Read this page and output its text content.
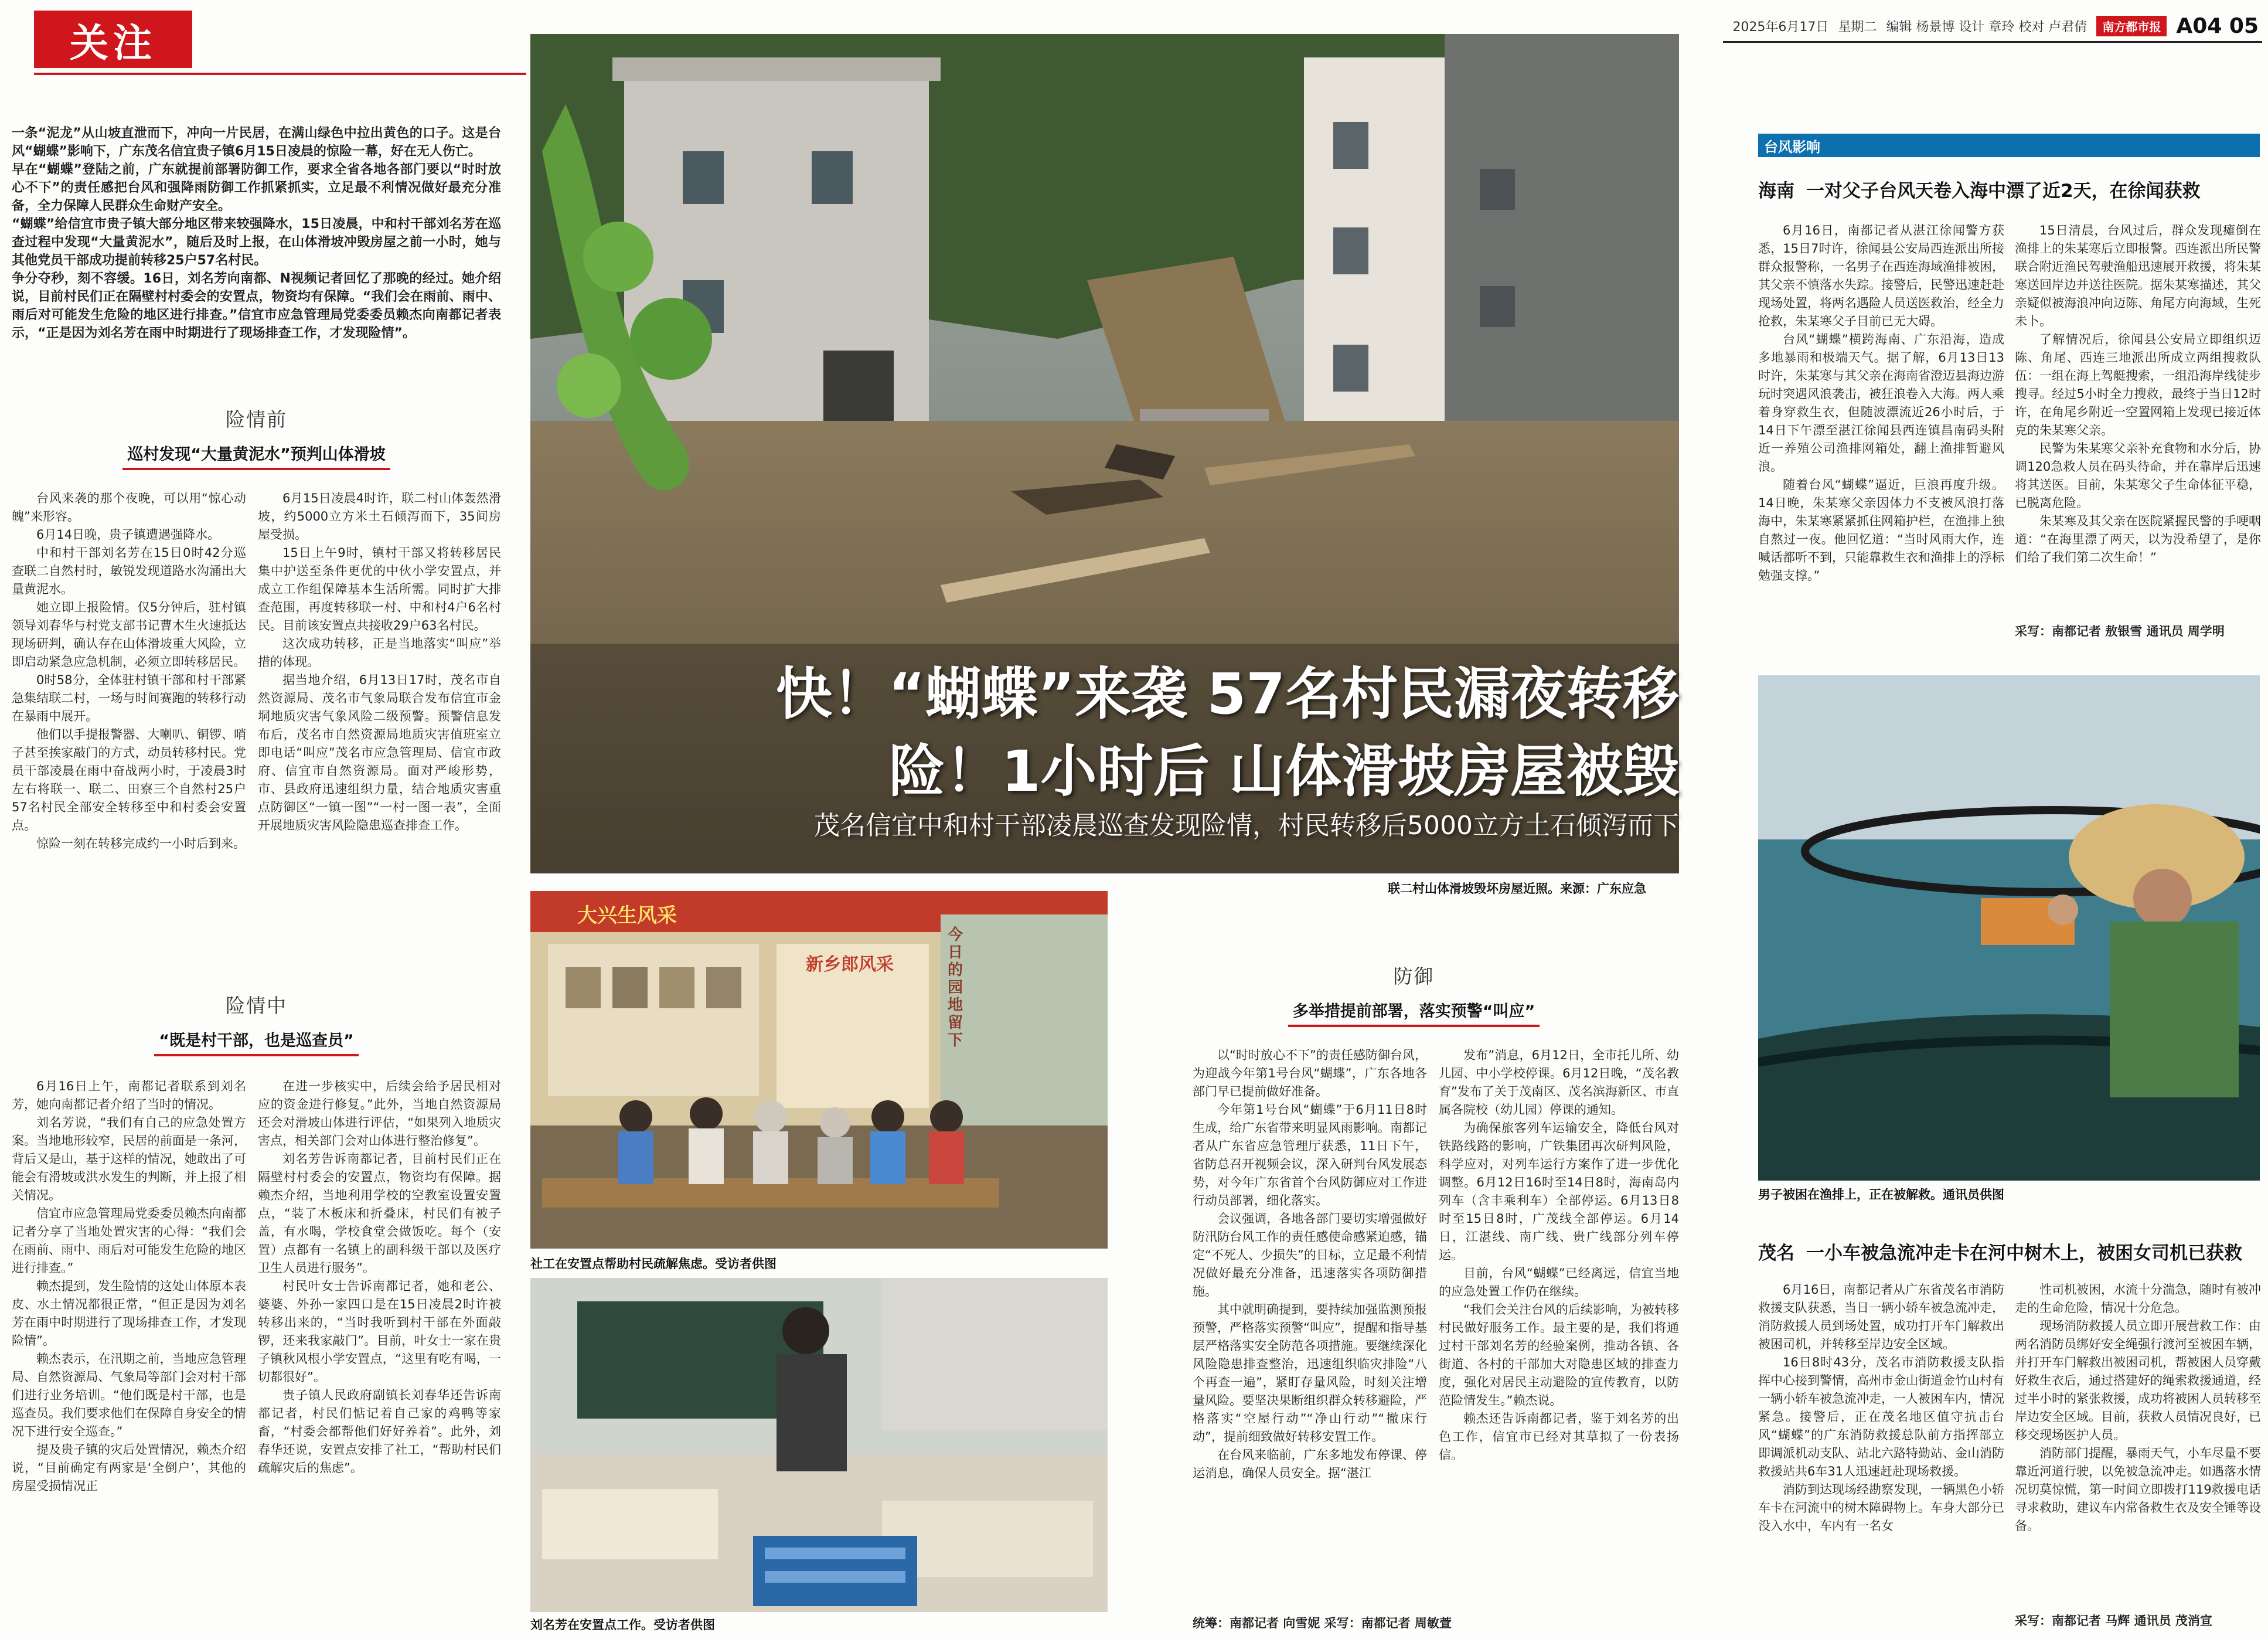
关注	2025年6月17日 星期二 编辑 杨景博 设计 章玲 校对 卢君倩	南方都市报 A04 05

一条“泥龙”从山坡直泄而下，冲向一片民居，在满山绿色中拉出黄色的口子。这是台风“蝴蝶”影响下，广东茂名信宜贵子镇6月15日凌晨的惊险一幕，好在无人伤亡。

早在“蝴蝶”登陆之前，广东就提前部署防御工作，要求全省各地各部门要以“时时放心不下”的责任感把台风和强降雨防御工作抓紧抓实，立足最不利情况做好最充分准备，全力保障人民群众生命财产安全。

“蝴蝶”给信宜市贵子镇大部分地区带来较强降水，15日凌晨，中和村干部刘名芳在巡查过程中发现“大量黄泥水”，随后及时上报，在山体滑坡冲毁房屋之前一小时，她与其他党员干部成功提前转移25户57名村民。

争分夺秒，刻不容缓。16日，刘名芳向南都、N视频记者回忆了那晚的经过。她介绍说，目前村民们正在隔壁村村委会的安置点，物资均有保障。“我们会在雨前、雨中、雨后对可能发生危险的地区进行排查。”信宜市应急管理局党委委员赖杰向南都记者表示，“正是因为刘名芳在雨中时期进行了现场排查工作，才发现险情”。

险情前
巡村发现“大量黄泥水”预判山体滑坡

台风来袭的那个夜晚，可以用“惊心动魄”来形容。

6月14日晚，贵子镇遭遇强降水。

中和村干部刘名芳在15日0时42分巡查联二自然村时，敏锐发现道路水沟涌出大量黄泥水。

她立即上报险情。仅5分钟后，驻村镇领导刘春华与村党支部书记曹木生火速抵达现场研判，确认存在山体滑坡重大风险，立即启动紧急应急机制，必须立即转移居民。

0时58分，全体驻村镇干部和村干部紧急集结联二村，一场与时间赛跑的转移行动在暴雨中展开。

他们以手提报警器、大喇叭、铜锣、哨子甚至挨家敲门的方式，动员转移村民。党员干部凌晨在雨中奋战两小时，于凌晨3时左右将联一、联二、田寮三个自然村25户57名村民全部安全转移至中和村委会安置点。

惊险一刻在转移完成约一小时后到来。

6月15日凌晨4时许，联二村山体轰然滑坡，约5000立方米土石倾泻而下，35间房屋受损。

15日上午9时，镇村干部又将转移居民集中护送至条件更优的中伙小学安置点，并成立工作组保障基本生活所需。同时扩大排查范围，再度转移联一村、中和村4户6名村民。目前该安置点共接收29户63名村民。

这次成功转移，正是当地落实“叫应”举措的体现。

据当地介绍，6月13日17时，茂名市自然资源局、茂名市气象局联合发布信宜市金垌地质灾害气象风险二级预警。预警信息发布后，茂名市自然资源局地质灾害值班室立即电话“叫应”茂名市应急管理局、信宜市政府、信宜市自然资源局。面对严峻形势，市、县政府迅速组织力量，结合地质灾害重点防御区“一镇一图”“一村一图一表”，全面开展地质灾害风险隐患巡查排查工作。

险情中
“既是村干部，也是巡查员”

6月16日上午，南都记者联系到刘名芳，她向南都记者介绍了当时的情况。

刘名芳说，“我们有自己的应急处置方案。当地地形较窄，民居的前面是一条河，背后又是山，基于这样的情况，她敢出了可能会有滑坡或洪水发生的判断，并上报了相关情况。

信宜市应急管理局党委委员赖杰向南都记者分享了当地处置灾害的心得：“我们会在雨前、雨中、雨后对可能发生危险的地区进行排查。”

赖杰提到，发生险情的这处山体原本表皮、水土情况都很正常，“但正是因为刘名芳在雨中时期进行了现场排查工作，才发现险情”。

赖杰表示，在汛期之前，当地应急管理局、自然资源局、气象局等部门会对村干部们进行业务培训。“他们既是村干部，也是巡查员。我们要求他们在保障自身安全的情况下进行安全巡查。”

提及贵子镇的灾后处置情况，赖杰介绍说，“目前确定有两家是‘全倒户’，其他的房屋受损情况正

在进一步核实中，后续会给予居民相对应的资金进行修复。”此外，当地自然资源局还会对滑坡山体进行评估，“如果列入地质灾害点，相关部门会对山体进行整治修复”。

刘名芳告诉南都记者，目前村民们正在隔壁村村委会的安置点，物资均有保障。据赖杰介绍，当地利用学校的空教室设置安置点，“装了木板床和折叠床，村民们有被子盖，有水喝，学校食堂会做饭吃。每个（安置）点都有一名镇上的副科级干部以及医疗卫生人员进行服务”。

村民叶女士告诉南都记者，她和老公、婆婆、外孙一家四口是在15日凌晨2时许被转移出来的，“当时我听到村干部在外面敲锣，还来我家敲门”。目前，叶女士一家在贵子镇秋风根小学安置点，“这里有吃有喝，一切都很好”。

贵子镇人民政府副镇长刘春华还告诉南都记者，村民们惦记着自己家的鸡鸭等家畜，“村委会都帮他们好好养着”。此外，刘春华还说，安置点安排了社工，“帮助村民们疏解灾后的焦虑”。

快！“蝴蝶”来袭 57名村民漏夜转移
险！1小时后 山体滑坡房屋被毁
茂名信宜中和村干部凌晨巡查发现险情，村民转移后5000立方土石倾泻而下
联二村山体滑坡毁坏房屋近照。来源：广东应急
大兴生风采
新乡郎风采
今日的园地留下
社工在安置点帮助村民疏解焦虑。受访者供图
刘名芳在安置点工作。受访者供图
防御
多举措提前部署，落实预警“叫应”

以“时时放心不下”的责任感防御台风，为迎战今年第1号台风“蝴蝶”，广东各地各部门早已提前做好准备。

今年第1号台风“蝴蝶”于6月11日8时生成，给广东省带来明显风雨影响。南都记者从广东省应急管理厅获悉，11日下午，省防总召开视频会议，深入研判台风发展态势，对今年广东省首个台风防御应对工作进行动员部署，细化落实。

会议强调，各地各部门要切实增强做好防汛防台风工作的责任感使命感紧迫感，锚定“不死人、少损失”的目标，立足最不利情况做好最充分准备，迅速落实各项防御措施。

其中就明确提到，要持续加强监测预报预警，严格落实预警“叫应”，提醒和指导基层严格落实安全防范各项措施。要继续深化风险隐患排查整治，迅速组织临灾排险“八个再查一遍”，紧盯存量风险，时刻关注增量风险。要坚决果断组织群众转移避险，严格落实“空屋行动”“净山行动”“撤床行动”，提前细致做好转移安置工作。

在台风来临前，广东多地发布停课、停运消息，确保人员安全。据“湛江

发布”消息，6月12日，全市托儿所、幼儿园、中小学校停课。6月12日晚，“茂名教育”发布了关于茂南区、茂名滨海新区、市直属各院校（幼儿园）停课的通知。

为确保旅客列车运输安全，降低台风对铁路线路的影响，广铁集团再次研判风险，科学应对，对列车运行方案作了进一步优化调整。6月12日16时至14日8时，海南岛内列车（含丰乘利车）全部停运。6月13日8时至15日8时，广茂线全部停运。6月14日，江湛线、南广线、贵广线部分列车停运。

目前，台风“蝴蝶”已经离远，信宜当地的应急处置工作仍在继续。

“我们会关注台风的后续影响，为被转移村民做好服务工作。最主要的是，我们将通过村干部刘名芳的经验案例，推动各镇、各街道、各村的干部加大对隐患区域的排查力度，强化对居民主动避险的宣传教育，以防范险情发生。”赖杰说。

赖杰还告诉南都记者，鉴于刘名芳的出色工作，信宜市已经对其草拟了一份表扬信。

统筹：南都记者 向雪妮 采写：南都记者 周敏萱
台风影响
海南 一对父子台风天卷入海中漂了近2天，在徐闻获救

6月16日，南都记者从湛江徐闻警方获悉，15日7时许，徐闻县公安局西连派出所接群众报警称，一名男子在西连海域渔排被困，其父亲不慎落水失踪。接警后，民警迅速赶赴现场处置，将两名遇险人员送医救治，经全力抢救，朱某寒父子目前已无大碍。

台风“蝴蝶”横跨海南、广东沿海，造成多地暴雨和极端天气。据了解，6月13日13时许，朱某寒与其父亲在海南省澄迈县海边游玩时突遇风浪袭击，被狂浪卷入大海。两人乘着身穿救生衣，但随波漂流近26小时后，于14日下午漂至湛江徐闻县西连镇昌南码头附近一养殖公司渔排网箱处，翻上渔排暂避风浪。

随着台风“蝴蝶”逼近，巨浪再度升级。14日晚，朱某寒父亲因体力不支被风浪打落海中，朱某寒紧紧抓住网箱护栏，在渔排上独自熬过一夜。他回忆道：“当时风雨大作，连喊话都听不到，只能靠救生衣和渔排上的浮标勉强支撑。”

15日清晨，台风过后，群众发现瘫倒在渔排上的朱某寒后立即报警。西连派出所民警联合附近渔民驾驶渔船迅速展开救援，将朱某寒送回岸边并送往医院。据朱某寒描述，其父亲疑似被海浪冲向迈陈、角尾方向海域，生死未卜。

了解情况后，徐闻县公安局立即组织迈陈、角尾、西连三地派出所成立两组搜救队伍：一组在海上驾艇搜索，一组沿海岸线徒步搜寻。经过5小时全力搜救，最终于当日12时许，在角尾乡附近一空置网箱上发现已接近体克的朱某寒父亲。

民警为朱某寒父亲补充食物和水分后，协调120急救人员在码头待命，并在靠岸后迅速将其送医。目前，朱某寒父子生命体征平稳，已脱离危险。

朱某寒及其父亲在医院紧握民警的手哽咽道：“在海里漂了两天，以为没希望了，是你们给了我们第二次生命！”

采写：南都记者 敖银雪 通讯员 周学明
男子被困在渔排上，正在被解救。通讯员供图
茂名 一小车被急流冲走卡在河中树木上，被困女司机已获救

6月16日，南都记者从广东省茂名市消防救援支队获悉，当日一辆小轿车被急流冲走，消防救援人员到场处置，成功打开车门解救出被困司机，并转移至岸边安全区域。

16日8时43分，茂名市消防救援支队指挥中心接到警情，高州市金山街道金竹山村有一辆小轿车被急流冲走，一人被困车内，情况紧急。接警后，正在茂名地区值守抗击台风“蝴蝶”的广东消防救援总队前方指挥部立即调派机动支队、站北六路特勤站、金山消防救援站共6车31人迅速赶赴现场救援。

消防到达现场经勘察发现，一辆黑色小轿车卡在河流中的树木障碍物上。车身大部分已没入水中，车内有一名女

性司机被困，水流十分湍急，随时有被冲走的生命危险，情况十分危急。

现场消防救援人员立即开展营救工作：由两名消防员绑好安全绳强行渡河至被困车辆，并打开车门解救出被困司机，帮被困人员穿戴好救生衣后，通过搭建好的绳索救援通道，经过半小时的紧张救援，成功将被困人员转移至岸边安全区域。目前，获救人员情况良好，已移交现场医护人员。

消防部门提醒，暴雨天气，小车尽量不要靠近河道行驶，以免被急流冲走。如遇落水情况切莫惊慌，第一时间立即拨打119救援电话寻求救助，建议车内常备救生衣及安全锤等设备。

采写：南都记者 马辉 通讯员 茂消宣
